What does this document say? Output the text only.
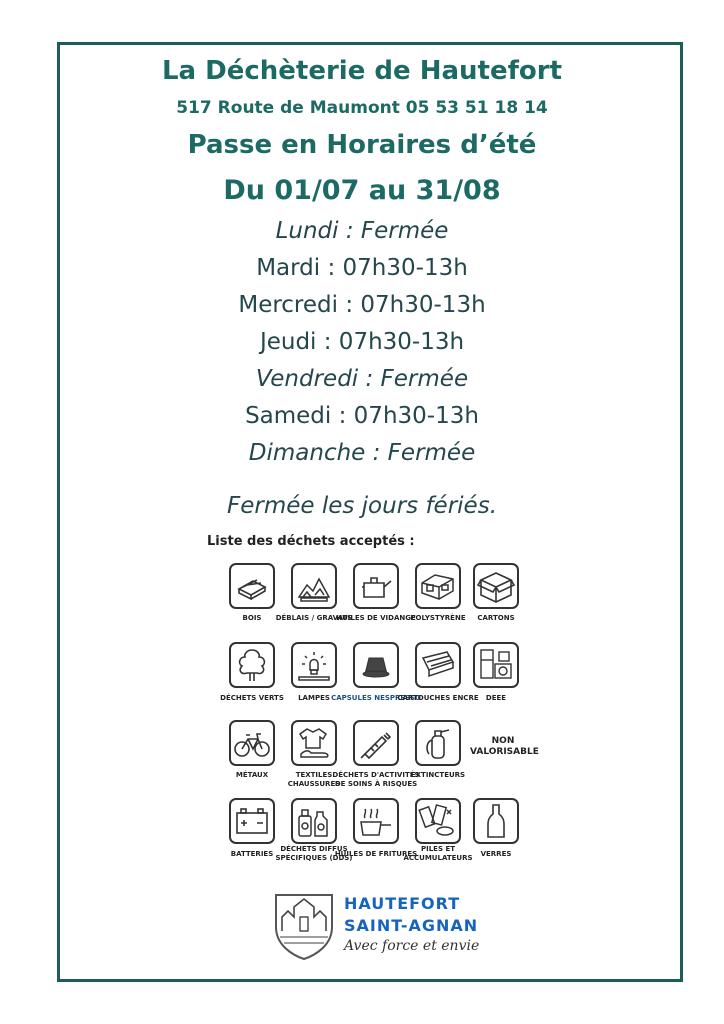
La Déchèterie de Hautefort
517 Route de Maumont 05 53 51 18 14
Passe en Horaires d’été
Du 01/07 au 31/08
Lundi : Fermée
Mardi : 07h30-13h
Mercredi : 07h30-13h
Jeudi : 07h30-13h
Vendredi : Fermée
Samedi : 07h30-13h
Dimanche : Fermée
Fermée les jours fériés.
Liste des déchets acceptés :
BOIS	DÉBLAIS / GRAVATS
HUILES DE VIDANGE
POLYSTYRÈNE	CARTONS
DÉCHETS VERTS	LAMPES CAPSULES NESPRESSO
CARTOUCHES ENCRE	DEEE
MÉTAUX	TEXTILES CHAUSSURES
DÉCHETS D'ACTIVITÉS DE SOINS À RISQUES
EXTINCTEURS
NON VALORISABLE
BATTERIES
DÉCHETS DIFFUS SPÉCIFIQUES (DDS)
HUILES DE FRITURES
PILES ET ACCUMULATEURS	VERRES
HAUTEFORT
SAINT-AGNAN
Avec force et envie
